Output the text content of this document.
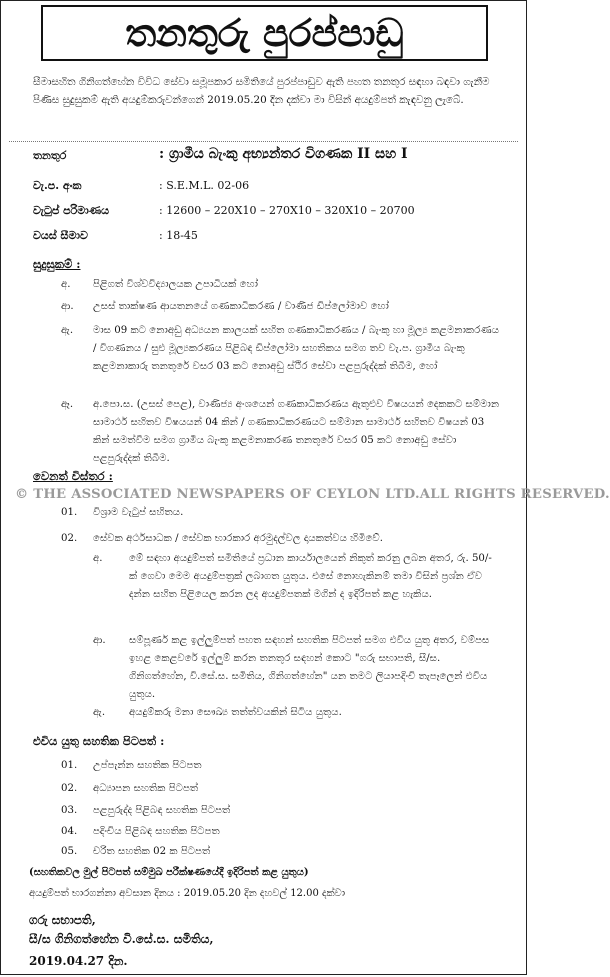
තනතුරු පුරප්පාඩු
සීමාසහිත ගිනිගත්හේන විවිධ සේවා සමූපකාර සමිතියේ පුරප්පාඩුව ඇති පහත තනතුර සඳහා බඳවා ගැනීම පිණිස සුදුසුකම් ඇති අයදුම්කරුවන්ගෙන් 2019.05.20 දින දක්වා මා විසින් අයදුම්පත් කැඳවනු ලැබේ.
තනතුර	: ග්‍රාමීය බැංකු අභ්‍යන්තර විගණක II සහ I
වැ.ප. අංක	: S.E.M.L. 02-06
වැටුප් පරිමාණය	: 12600 – 220X10 – 270X10 – 320X10 – 20700
වයස් සීමාව	: 18-45
සුදුසුකම් :
අ. පිළිගත් විශ්වවිද්‍යාලයක උපාධියක් හෝ
ආ. උසස් තාක්ෂණ ආයතනයේ ගණකාධිකරණ / වාණිජ ඩිප්ලෝමාව හෝ
ඇ. මාස 09 කට නොඅඩු අධ්‍යයන කාලයක් සහිත ගණකාධිකරණය / බැංකු හා මූල්‍ය කළමනාකරණය / විගණනය / සුළු මූල්‍යකරණය පිළිබඳ ඩිප්ලෝමා සහතිකය සමග තව වැ.ප. ග්‍රාමීය බැංකු කළමනාකාරු තනතුරේ වසර 03 කට නොඅඩු ස්ථිර සේවා පළපුරුද්දක් තිබීම, හෝ
ඈ. අ.පො.ස. (උසස් පෙළ), වාණිජ්‍ය අංශයෙන් ගණකාධිකරණය ඇතුළුව විෂයයන් දෙකකට සම්මාන සාමාර්ථ සහිතව විෂයයන් 04 කින් / ගණකාධිකරණයට සම්මාන සාමාර්ථ සහිතව විෂයන් 03 කින් සමත්වීම සමග ග්‍රාමීය බැංකු කළමනාකරණ තනතුරේ වසර 05 කට නොඅඩු සේවා පළපුරුද්දක් තිබීම.
වෙනත් විස්තර :
© THE ASSOCIATED NEWSPAPERS OF CEYLON LTD.ALL RIGHTS RESERVED.
01. විශ්‍රාම වැටුප් සහිතය.
02. සේවක අර්ථසාධක / සේවක භාරකාර අරමුදල්වල දායකත්වය හිමිවේ.
අ.	මේ සඳහා අයදුම්පත් සමිතියේ ප්‍රධාන කාර්යාලයෙන් නිකුත් කරනු ලබන අතර, රු. 50/- ක් ගෙවා මෙම අයදුම්පත්‍රක් ලබාගත යුතුය. එසේ නොහැකිනම් තමා විසින් ප්‍රශ්න ඒව දන්න සහිත පිළියෙල කරන ලද අයදුම්පතක් මගින් ද ඉදිරිපත් කළ හැකිය.
ආ. සම්පූර්ණ කළ ඉල්ලුම්පත් පහත සඳහන් සහතික පිටපත් සමග එවිය යුතු අතර, වම්පස ඉහළ කෙළවරේ ඉල්ලුම් කරන තනතුර සඳහන් කොට "ගරු සභාපති, සී/ස. ගිනිගත්හේන, වි.සේ.ස. සමිතිය, ගිනිගත්හේන" යන තමට ලියාපදිංචි තැපෑලෙන් එවිය යුතුය.
ඇ. අයදුම්කරු මනා සෞඛ්‍ය තත්ත්වයකින් සිටිය යුතුය.
එවිය යුතු සහතික පිටපත් :
01. උප්පැන්න සහතික පිටපත
02. අධ්‍යාපන සහතික පිටපත්
03. පළපුරුද්ද පිළිබඳ සහතික පිටපත්
04. පදිංචිය පිළිබඳ සහතික පිටපත
05. චරිත සහතික 02 ක පිටපත්
(සහතිකවල මුල් පිටපත් සම්මුඛ පරීක්ෂණයේදී ඉදිරිපත් කළ යුතුය)
අයදුම්පත් භාරගන්නා අවසාන දිනය : 2019.05.20 දින දහවල් 12.00 දක්වා
ගරු සභාපති,
සී/ස ගිනිගත්හේන වි.සේ.ස. සමිතිය,
2019.04.27 දින.
